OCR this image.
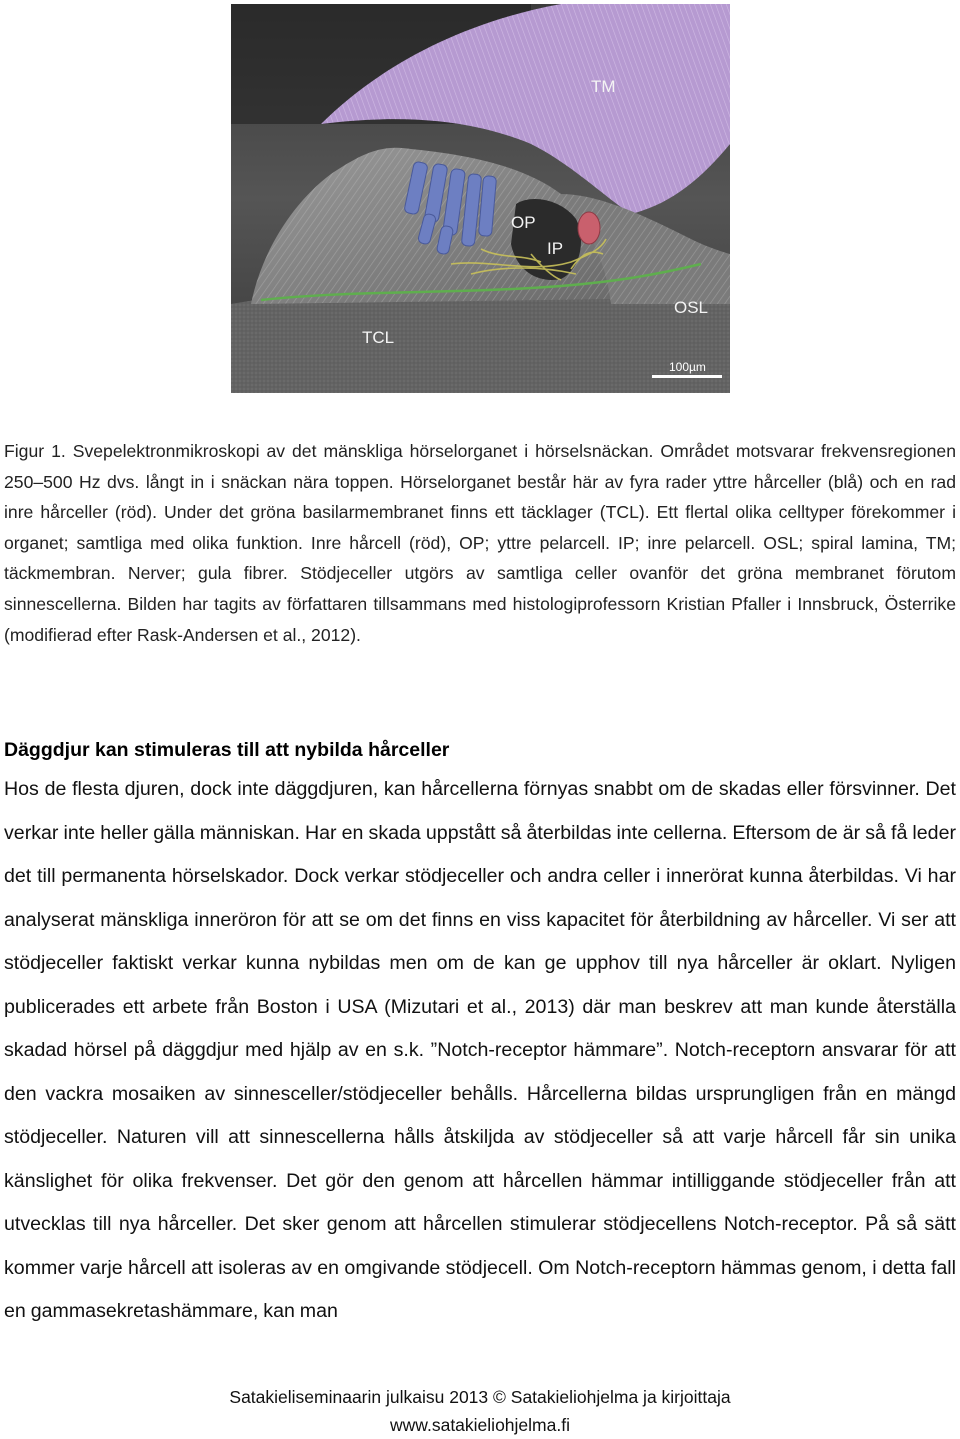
TM
OP
IP
OSL
TCL
100µm
Figur 1. Svepelektronmikroskopi av det mänskliga hörselorganet i hörselsnäckan. Området motsvarar frekvensregionen 250–500 Hz dvs. långt in i snäckan nära toppen. Hörselorganet består här av fyra rader yttre hårceller (blå) och en rad inre hårceller (röd). Under det gröna basilarmembranet finns ett täcklager (TCL). Ett flertal olika celltyper förekommer i organet; samtliga med olika funktion. Inre hårcell (röd), OP; yttre pelarcell. IP; inre pelarcell. OSL; spiral lamina, TM; täckmembran. Nerver; gula fibrer. Stödjeceller utgörs av samtliga celler ovanför det gröna membranet förutom sinnescellerna. Bilden har tagits av författaren tillsammans med histologiprofessorn Kristian Pfaller i Innsbruck, Österrike (modifierad efter Rask-Andersen et al., 2012).
Däggdjur kan stimuleras till att nybilda hårceller
Hos de flesta djuren, dock inte däggdjuren, kan hårcellerna förnyas snabbt om de skadas eller försvinner. Det verkar inte heller gälla människan. Har en skada uppstått så återbildas inte cellerna. Eftersom de är så få leder det till permanenta hörselskador. Dock verkar stödjeceller och andra celler i innerörat kunna återbildas. Vi har analyserat mänskliga inneröron för att se om det finns en viss kapacitet för återbildning av hårceller. Vi ser att stödjeceller faktiskt verkar kunna nybildas men om de kan ge upphov till nya hårceller är oklart. Nyligen publicerades ett arbete från Boston i USA (Mizutari et al., 2013) där man beskrev att man kunde återställa skadad hörsel på däggdjur med hjälp av en s.k. ”Notch-receptor hämmare”. Notch-receptorn ansvarar för att den vackra mosaiken av sinnesceller/stödjeceller behålls. Hårcellerna bildas ursprungligen från en mängd stödjeceller. Naturen vill att sinnescellerna hålls åtskiljda av stödjeceller så att varje hårcell får sin unika känslighet för olika frekvenser. Det gör den genom att hårcellen hämmar intilliggande stödjeceller från att utvecklas till nya hårceller. Det sker genom att hårcellen stimulerar stödjecellens Notch-receptor. På så sätt kommer varje hårcell att isoleras av en omgivande stödjecell. Om Notch-receptorn hämmas genom, i detta fall en gammasekretashämmare, kan man
Satakieliseminaarin julkaisu 2013 © Satakieliohjelma ja kirjoittaja
www.satakieliohjelma.fi
